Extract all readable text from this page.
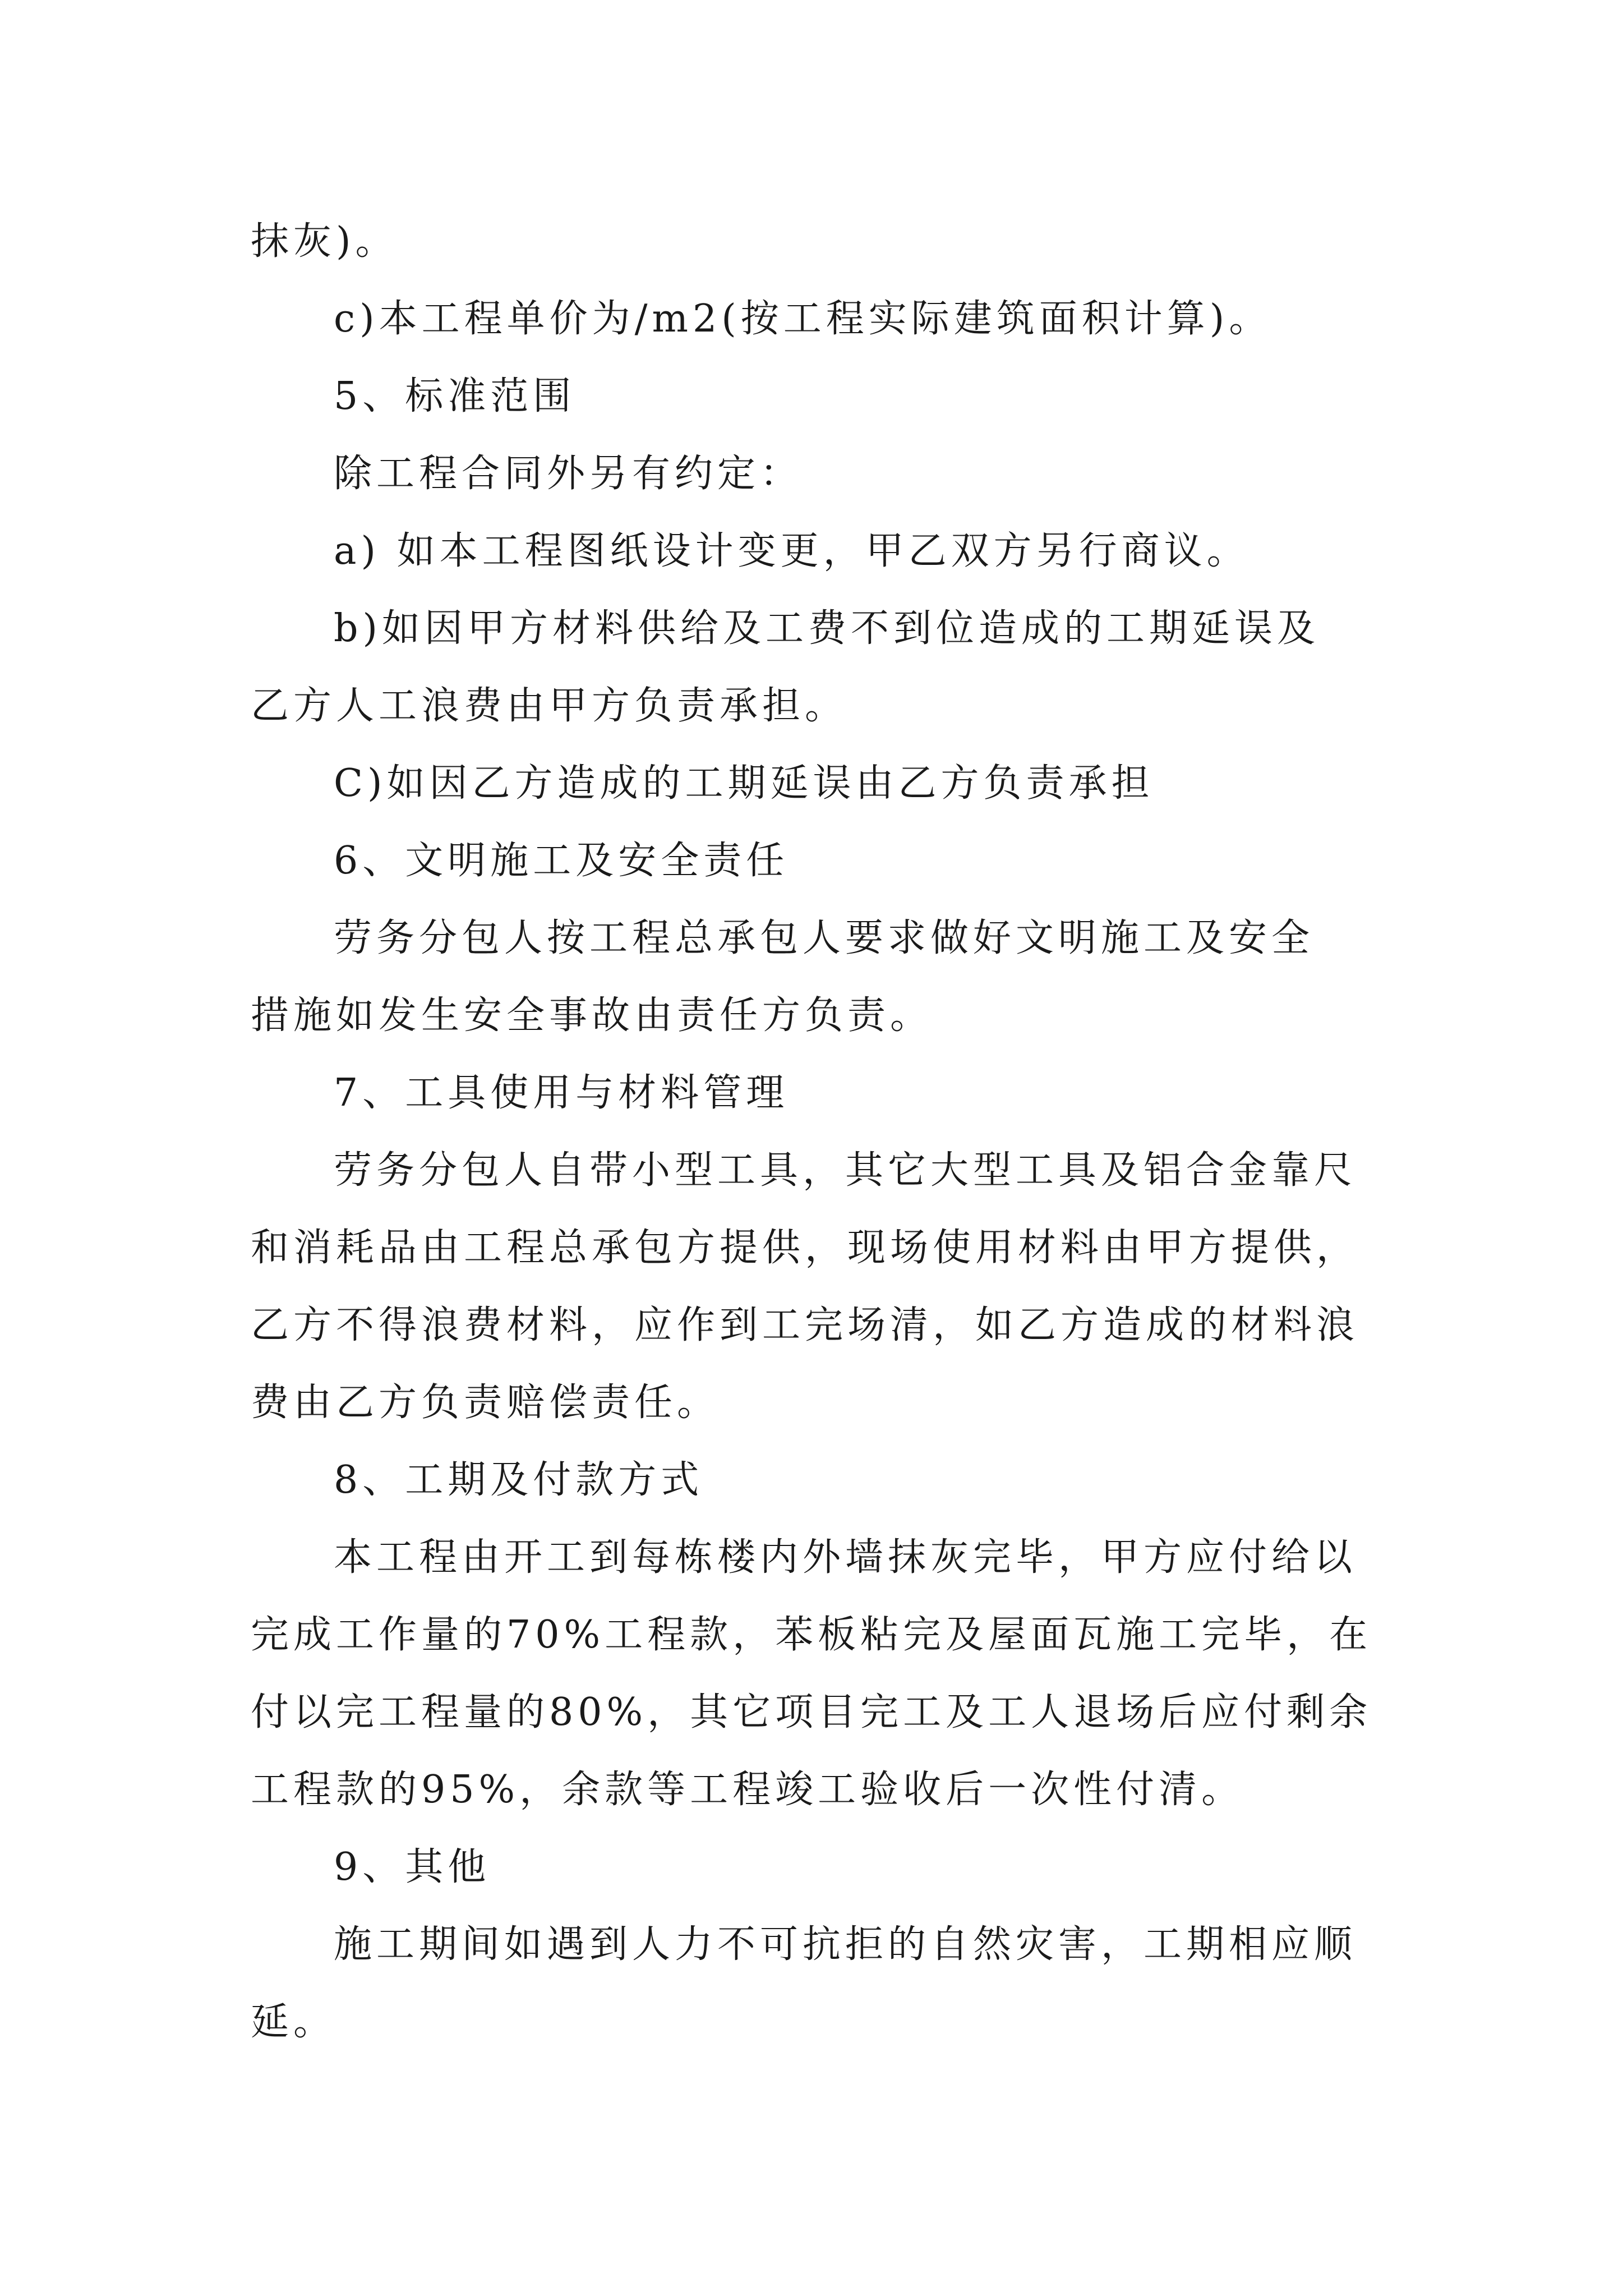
抹灰)。
c)本工程单价为/m2(按工程实际建筑面积计算)。
5、标准范围
除工程合同外另有约定：
a) 如本工程图纸设计变更，甲乙双方另行商议。
b)如因甲方材料供给及工费不到位造成的工期延误及
乙方人工浪费由甲方负责承担。
C)如因乙方造成的工期延误由乙方负责承担
6、文明施工及安全责任
劳务分包人按工程总承包人要求做好文明施工及安全
措施如发生安全事故由责任方负责。
7、工具使用与材料管理
劳务分包人自带小型工具，其它大型工具及铝合金靠尺
和消耗品由工程总承包方提供，现场使用材料由甲方提供，
乙方不得浪费材料，应作到工完场清，如乙方造成的材料浪
费由乙方负责赔偿责任。
8、工期及付款方式
本工程由开工到每栋楼内外墙抹灰完毕，甲方应付给以
完成工作量的70%工程款，苯板粘完及屋面瓦施工完毕，在
付以完工程量的80%，其它项目完工及工人退场后应付剩余
工程款的95%，余款等工程竣工验收后一次性付清。
9、其他
施工期间如遇到人力不可抗拒的自然灾害，工期相应顺
延。
